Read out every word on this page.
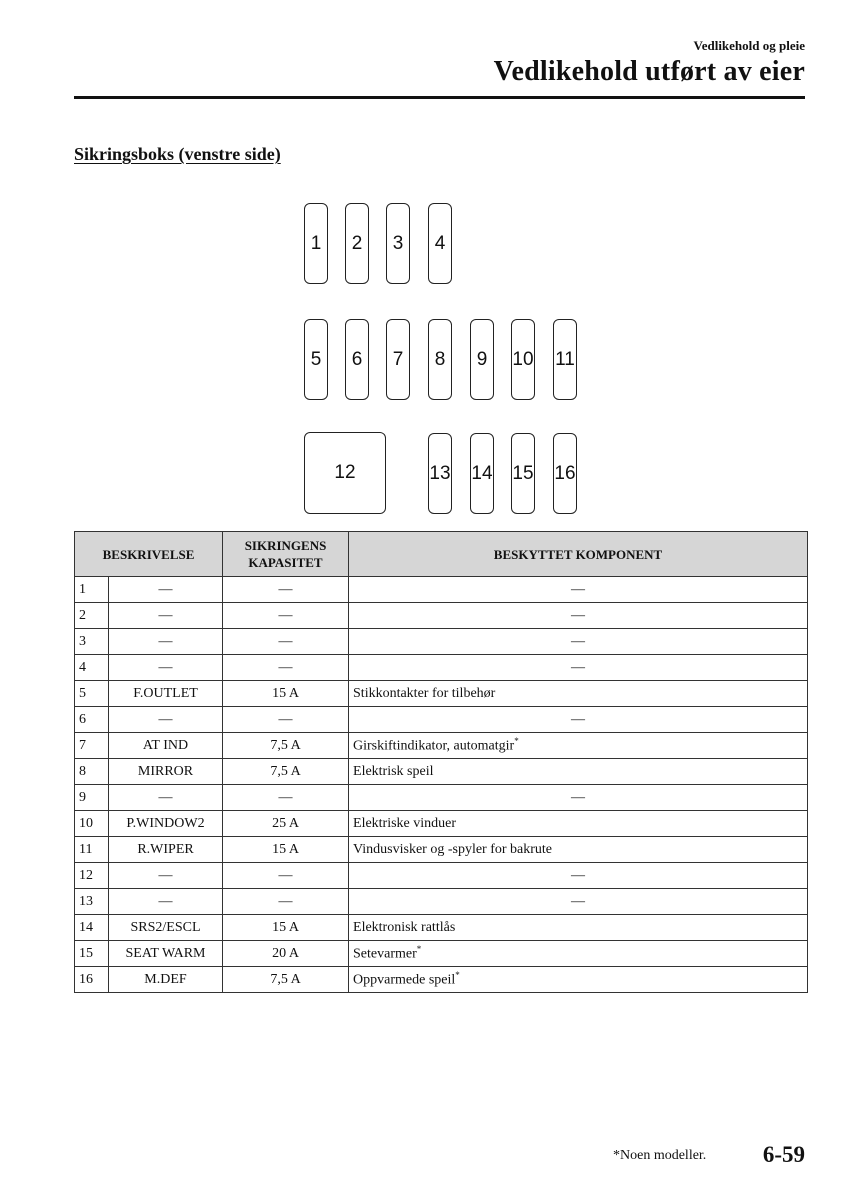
Vedlikehold og pleie
Vedlikehold utført av eier
Sikringsboks (venstre side)
1	2	3	4
5	6	7	8	9	10 11
12	13 14 15 16
BESKRIVELSE		SIKRINGENS
KAPASITET	BESKYTTET KOMPONENT
1	—	—	—
2	—	—	—
3	—	—	—
4	—	—	—
5	F.OUTLET	15 A	Stikkontakter for tilbehør
6	—	—	—
7	AT IND	7,5 A	Girskiftindikator, automatgir*
8	MIRROR	7,5 A	Elektrisk speil
9	—	—	—
10	P.WINDOW2	25 A	Elektriske vinduer
11	R.WIPER	15 A	Vindusvisker og -spyler for bakrute
12	—	—	—
13	—	—	—
14	SRS2/ESCL	15 A	Elektronisk rattlås
15	SEAT WARM	20 A	Setevarmer*
16	M.DEF	7,5 A	Oppvarmede speil*
*Noen modeller. 6-59
